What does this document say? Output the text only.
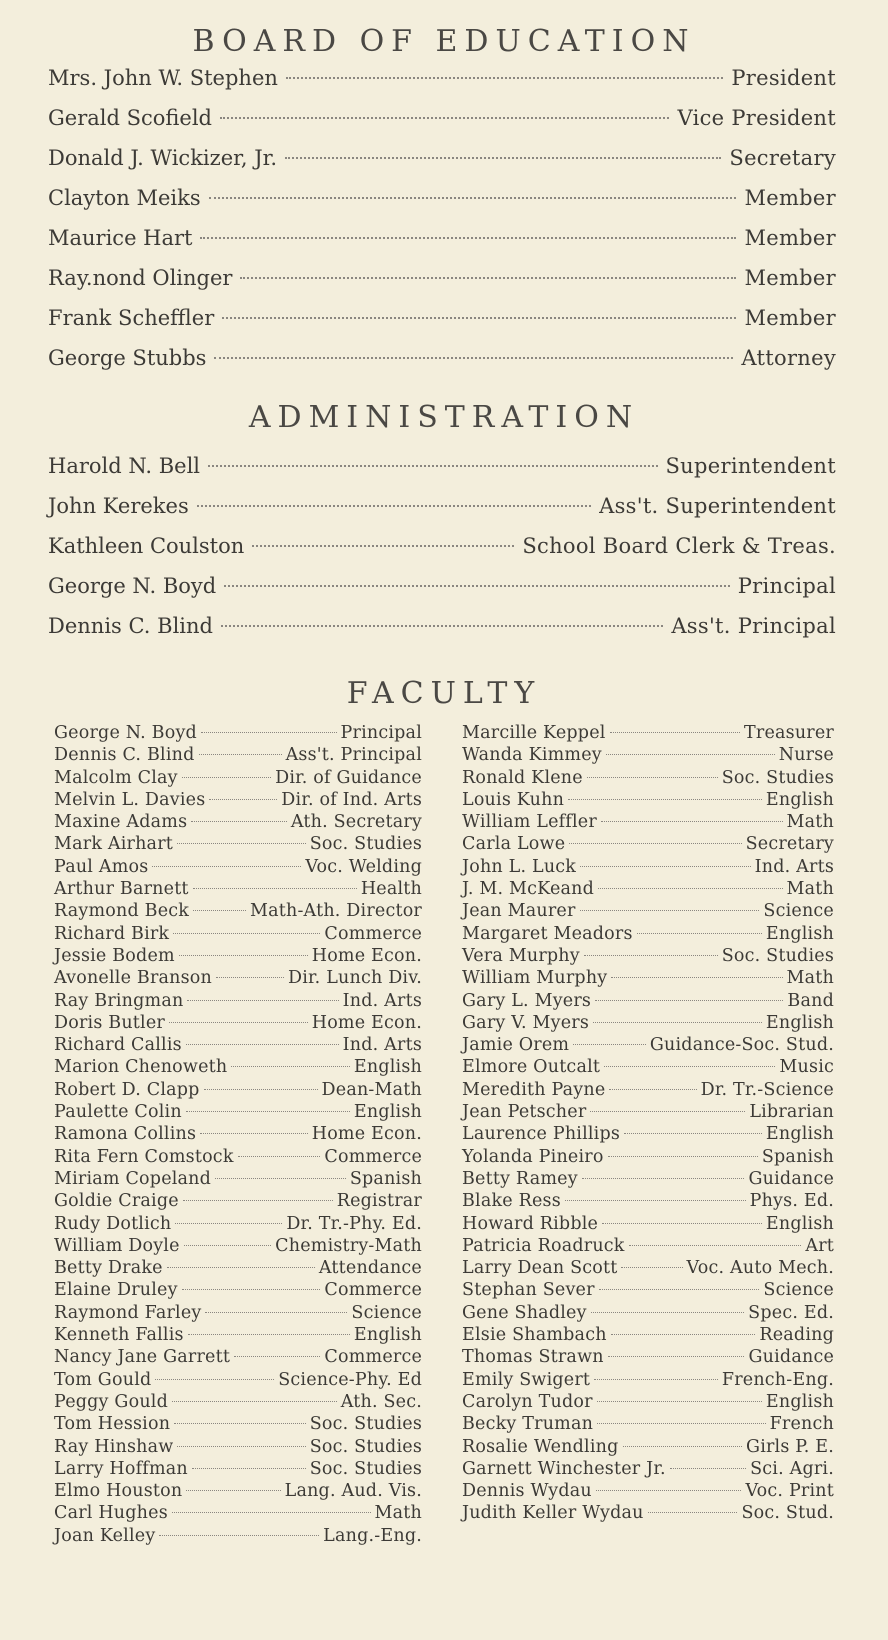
BOARD OF EDUCATION
Mrs. John W. Stephen	President
Gerald Scofield	Vice President
Donald J. Wickizer, Jr.	Secretary
Clayton Meiks	Member
Maurice Hart	Member
Ray.nond Olinger	Member
Frank Scheffler	Member
George Stubbs	Attorney
ADMINISTRATION
Harold N. Bell	Superintendent
John Kerekes	Ass't. Superintendent
Kathleen Coulston	School Board Clerk & Treas.
George N. Boyd	Principal
Dennis C. Blind	Ass't. Principal
FACULTY
George N. Boyd	Principal
Dennis C. Blind	Ass't. Principal
Malcolm Clay	Dir. of Guidance
Melvin L. Davies	Dir. of Ind. Arts
Maxine Adams	Ath. Secretary
Mark Airhart	Soc. Studies
Paul Amos	Voc. Welding
Arthur Barnett	Health
Raymond Beck	Math-Ath. Director
Richard Birk	Commerce
Jessie Bodem	Home Econ.
Avonelle Branson	Dir. Lunch Div.
Ray Bringman	Ind. Arts
Doris Butler	Home Econ.
Richard Callis	Ind. Arts
Marion Chenoweth	English
Robert D. Clapp	Dean-Math
Paulette Colin	English
Ramona Collins	Home Econ.
Rita Fern Comstock	Commerce
Miriam Copeland	Spanish
Goldie Craige	Registrar
Rudy Dotlich	Dr. Tr.-Phy. Ed.
William Doyle	Chemistry-Math
Betty Drake	Attendance
Elaine Druley	Commerce
Raymond Farley	Science
Kenneth Fallis	English
Nancy Jane Garrett	Commerce
Tom Gould	Science-Phy. Ed
Peggy Gould	Ath. Sec.
Tom Hession	Soc. Studies
Ray Hinshaw	Soc. Studies
Larry Hoffman	Soc. Studies
Elmo Houston	Lang. Aud. Vis.
Carl Hughes	Math
Joan Kelley	Lang.-Eng.
Marcille Keppel	Treasurer
Wanda Kimmey	Nurse
Ronald Klene	Soc. Studies
Louis Kuhn	English
William Leffler	Math
Carla Lowe	Secretary
John L. Luck	Ind. Arts
J. M. McKeand	Math
Jean Maurer	Science
Margaret Meadors	English
Vera Murphy	Soc. Studies
William Murphy	Math
Gary L. Myers	Band
Gary V. Myers	English
Jamie Orem	Guidance-Soc. Stud.
Elmore Outcalt	Music
Meredith Payne	Dr. Tr.-Science
Jean Petscher	Librarian
Laurence Phillips	English
Yolanda Pineiro	Spanish
Betty Ramey	Guidance
Blake Ress	Phys. Ed.
Howard Ribble	English
Patricia Roadruck	Art
Larry Dean Scott	Voc. Auto Mech.
Stephan Sever	Science
Gene Shadley	Spec. Ed.
Elsie Shambach	Reading
Thomas Strawn	Guidance
Emily Swigert	French-Eng.
Carolyn Tudor	English
Becky Truman	French
Rosalie Wendling	Girls P. E.
Garnett Winchester Jr.	Sci. Agri.
Dennis Wydau	Voc. Print
Judith Keller Wydau	Soc. Stud.
